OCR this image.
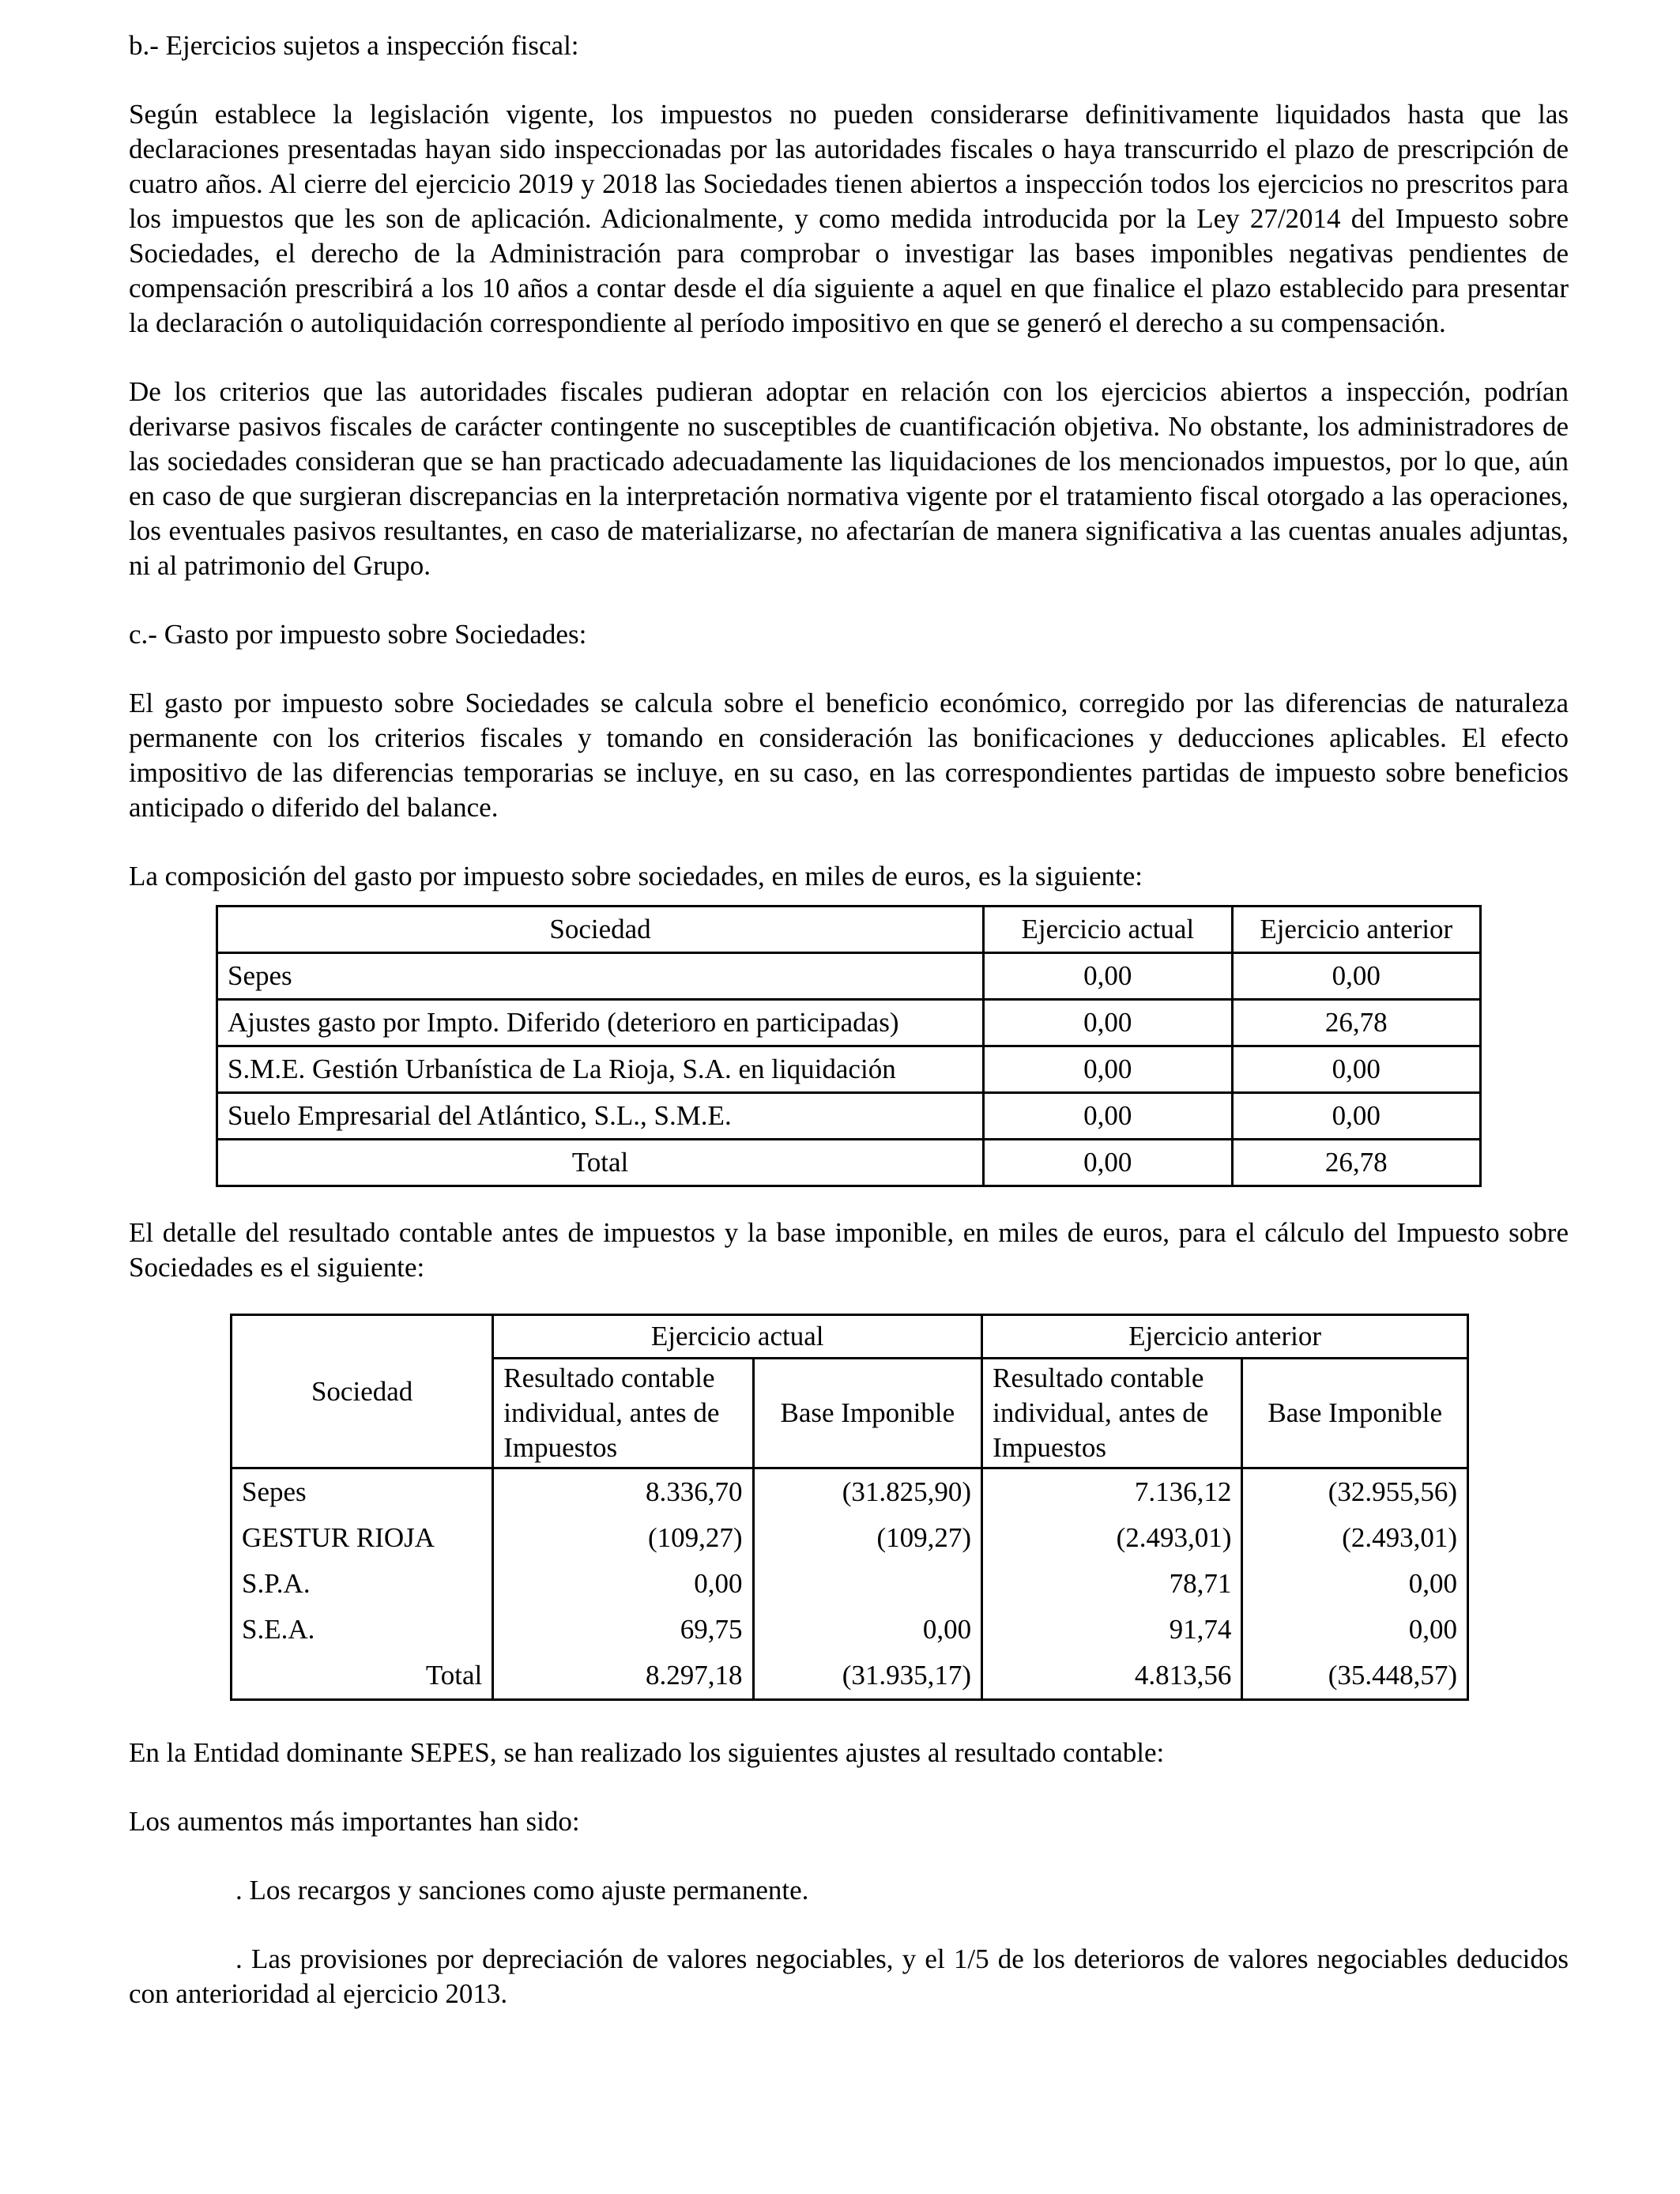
b.- Ejercicios sujetos a inspección fiscal:

Según establece la legislación vigente, los impuestos no pueden considerarse definitivamente liquidados hasta que las declaraciones presentadas hayan sido inspeccionadas por las autoridades fiscales o haya transcurrido el plazo de prescripción de cuatro años. Al cierre del ejercicio 2019 y 2018 las Sociedades tienen abiertos a inspección todos los ejercicios no prescritos para los impuestos que les son de aplicación. Adicionalmente, y como medida introducida por la Ley 27/2014 del Impuesto sobre Sociedades, el derecho de la Administración para comprobar o investigar las bases imponibles negativas pendientes de compensación prescribirá a los 10 años a contar desde el día siguiente a aquel en que finalice el plazo establecido para presentar la declaración o autoliquidación correspondiente al período impositivo en que se generó el derecho a su compensación.

De los criterios que las autoridades fiscales pudieran adoptar en relación con los ejercicios abiertos a inspección, podrían derivarse pasivos fiscales de carácter contingente no susceptibles de cuantificación objetiva. No obstante, los administradores de las sociedades consideran que se han practicado adecuadamente las liquidaciones de los mencionados impuestos, por lo que, aún en caso de que surgieran discrepancias en la interpretación normativa vigente por el tratamiento fiscal otorgado a las operaciones, los eventuales pasivos resultantes, en caso de materializarse, no afectarían de manera significativa a las cuentas anuales adjuntas, ni al patrimonio del Grupo.

c.- Gasto por impuesto sobre Sociedades:

El gasto por impuesto sobre Sociedades se calcula sobre el beneficio económico, corregido por las diferencias de naturaleza permanente con los criterios fiscales y tomando en consideración las bonificaciones y deducciones aplicables. El efecto impositivo de las diferencias temporarias se incluye, en su caso, en las correspondientes partidas de impuesto sobre beneficios anticipado o diferido del balance.

La composición del gasto por impuesto sobre sociedades, en miles de euros, es la siguiente:

Sociedad	Ejercicio actual	Ejercicio anterior
Sepes	0,00	0,00
Ajustes gasto por Impto. Diferido (deterioro en participadas)	0,00	26,78
S.M.E. Gestión Urbanística de La Rioja, S.A. en liquidación	0,00	0,00
Suelo Empresarial del Atlántico, S.L., S.M.E.	0,00	0,00
Total	0,00	26,78

El detalle del resultado contable antes de impuestos y la base imponible, en miles de euros, para el cálculo del Impuesto sobre Sociedades es el siguiente:

Sociedad	Ejercicio actual		Ejercicio anterior	
	Resultado contable individual, antes de Impuestos	Base Imponible	Resultado contable individual, antes de Impuestos	Base Imponible
Sepes	8.336,70	(31.825,90)	7.136,12	(32.955,56)
GESTUR RIOJA	(109,27)	(109,27)	(2.493,01)	(2.493,01)
S.P.A.	0,00		78,71	0,00
S.E.A.	69,75	0,00	91,74	0,00
Total	8.297,18	(31.935,17)	4.813,56	(35.448,57)

En la Entidad dominante SEPES, se han realizado los siguientes ajustes al resultado contable:

Los aumentos más importantes han sido:

. Los recargos y sanciones como ajuste permanente.

. Las provisiones por depreciación de valores negociables, y el 1/5 de los deterioros de valores negociables deducidos con anterioridad al ejercicio 2013.
